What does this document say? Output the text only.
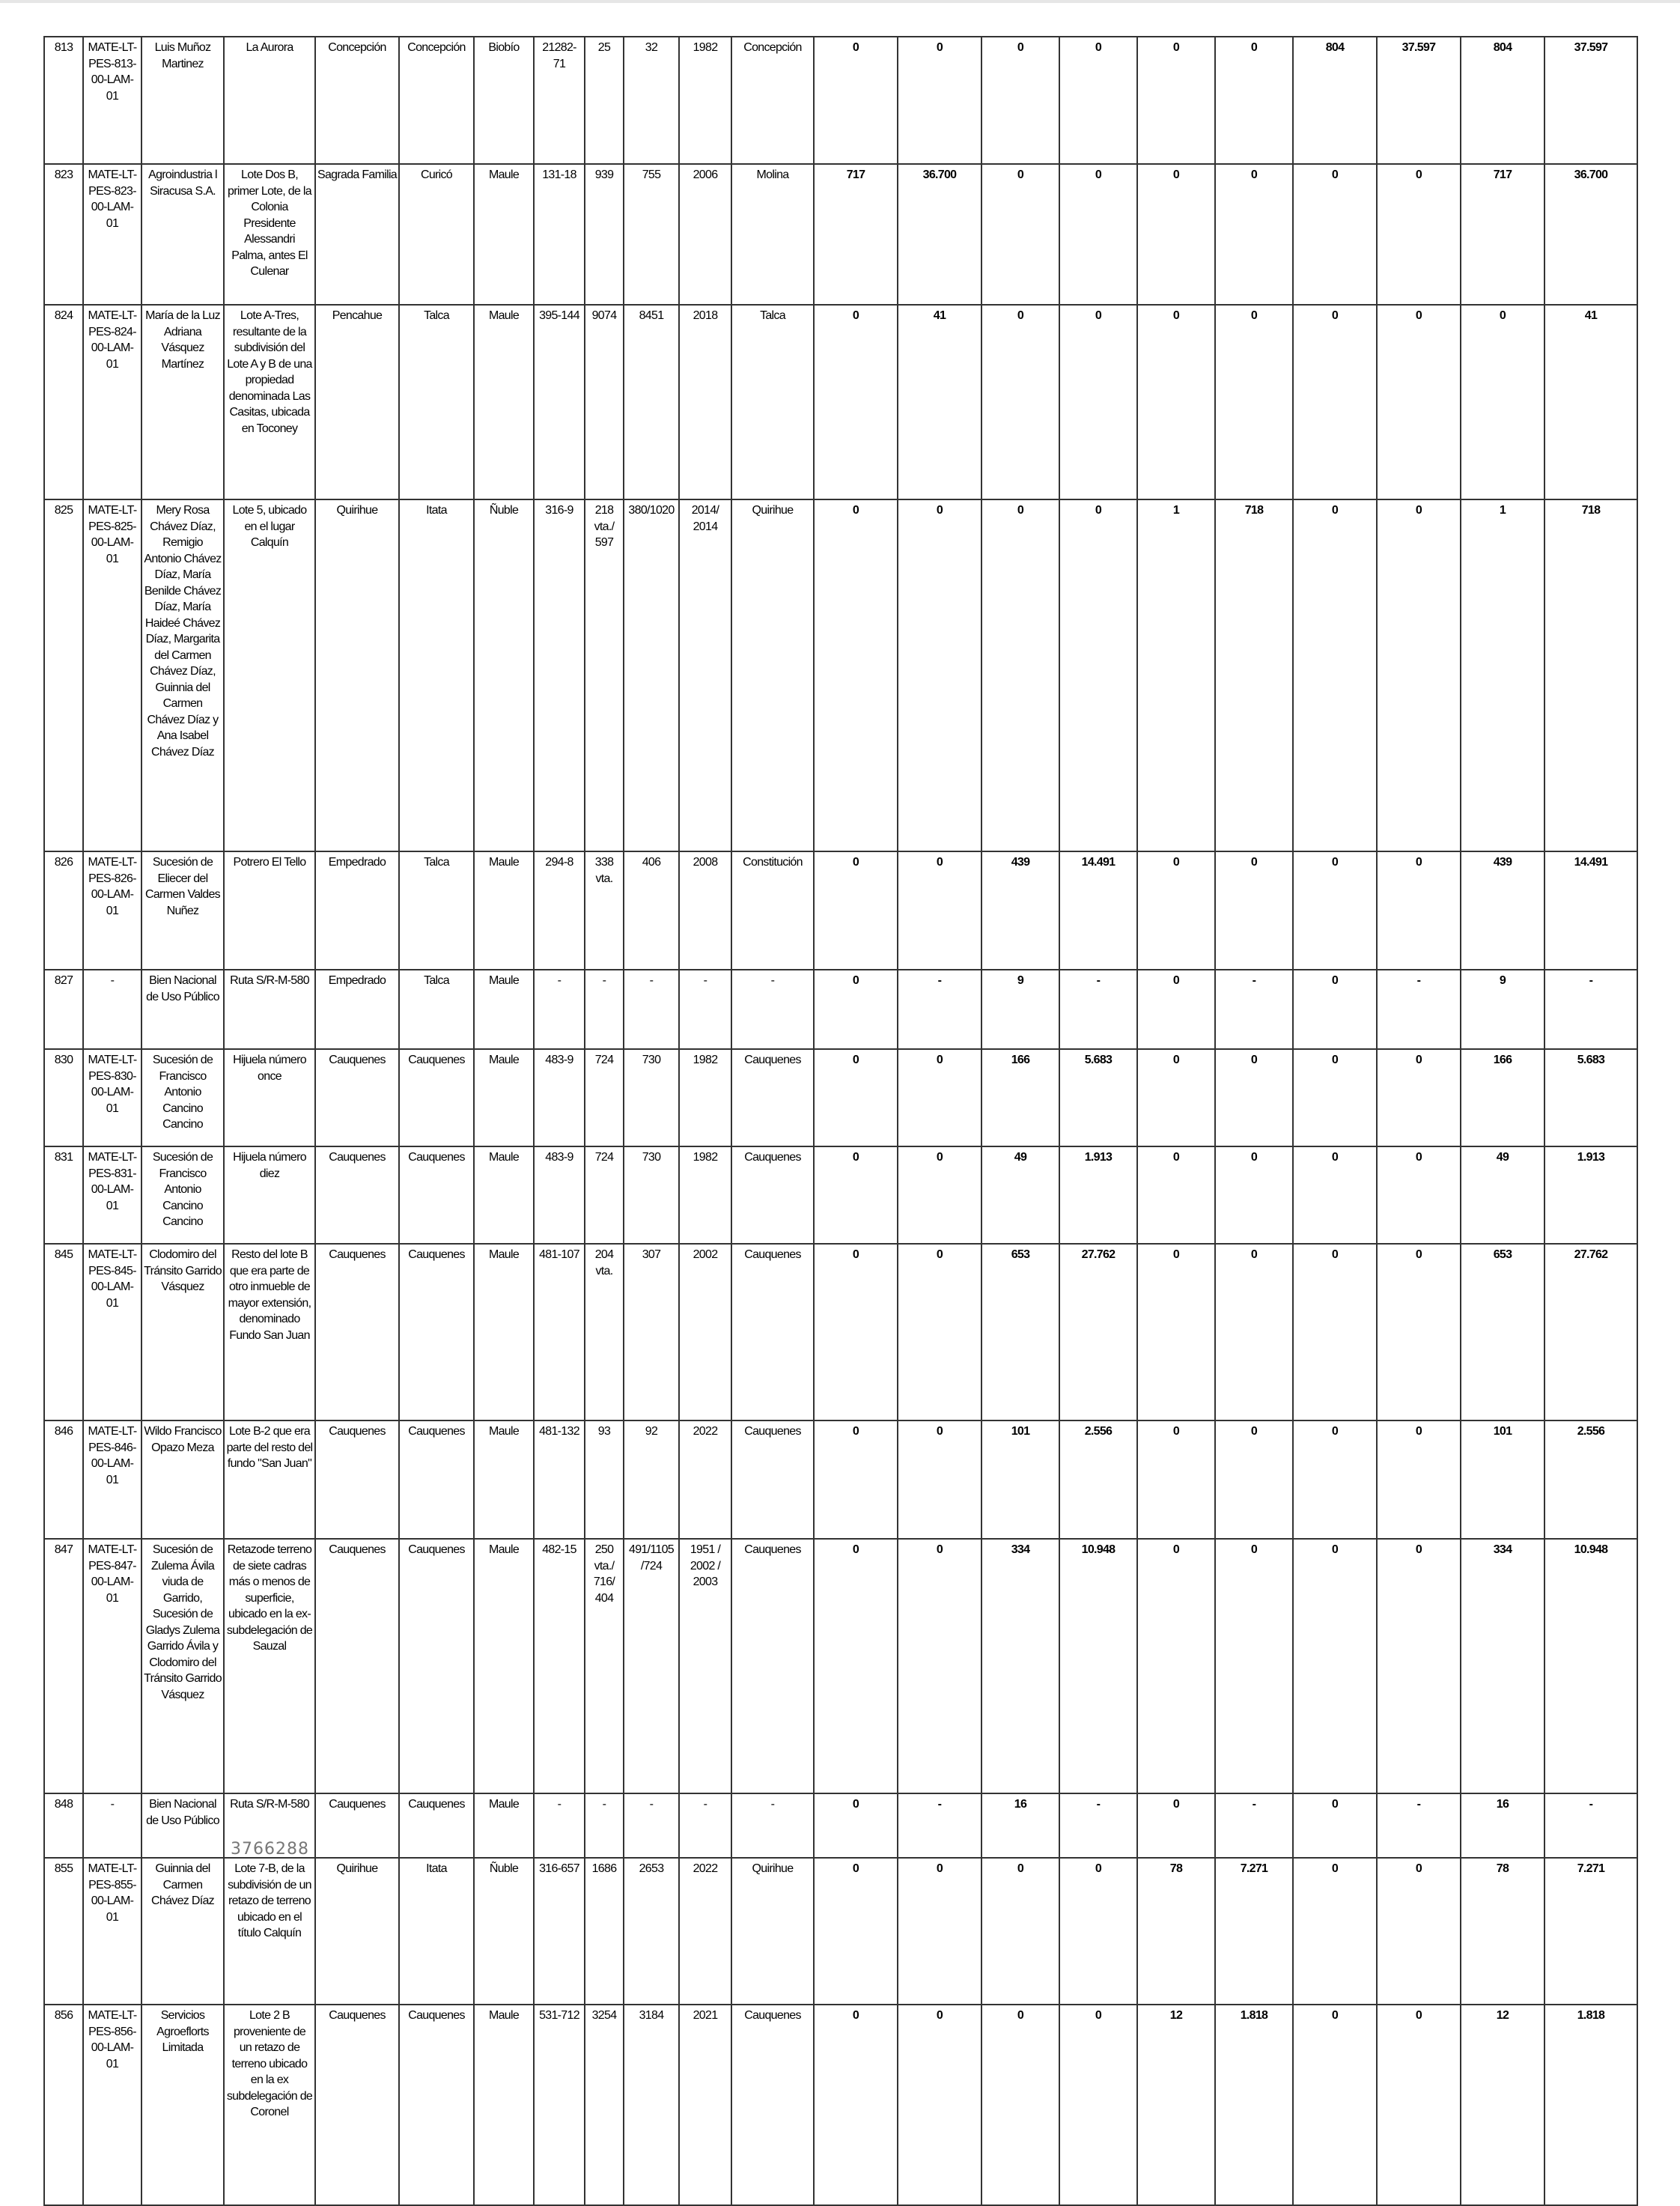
813	MATE-LT-PES-813-00-LAM-01	Luis Muñoz Martinez	La Aurora	Concepción	Concepción	Biobío	21282-71	25	32	1982	Concepción	0	0	0	0	0	0	804	37.597	804	37.597
823	MATE-LT-PES-823-00-LAM-01	Agroindustria l Siracusa S.A.	Lote Dos B, primer Lote, de la Colonia Presidente Alessandri Palma, antes El Culenar	Sagrada Familia	Curicó	Maule	131-18	939	755	2006	Molina	717	36.700	0	0	0	0	0	0	717	36.700
824	MATE-LT-PES-824-00-LAM-01	María de la Luz Adriana Vásquez Martínez	Lote A-Tres, resultante de la subdivisión del Lote A y B de una propiedad denominada Las Casitas, ubicada en Toconey	Pencahue	Talca	Maule	395-144	9074	8451	2018	Talca	0	41	0	0	0	0	0	0	0	41
825	MATE-LT-PES-825-00-LAM-01	Mery Rosa Chávez Díaz, Remigio Antonio Chávez Díaz, María Benilde Chávez Díaz, María Haideé Chávez Díaz, Margarita del Carmen Chávez Díaz, Guinnia del Carmen Chávez Díaz y Ana Isabel Chávez Díaz	Lote 5, ubicado en el lugar Calquín	Quirihue	Itata	Ñuble	316-9	218 vta./ 597	380/1020	2014/ 2014	Quirihue	0	0	0	0	1	718	0	0	1	718
826	MATE-LT-PES-826-00-LAM-01	Sucesión de Eliecer del Carmen Valdes Nuñez	Potrero El Tello	Empedrado	Talca	Maule	294-8	338 vta.	406	2008	Constitución	0	0	439	14.491	0	0	0	0	439	14.491
827	-	Bien Nacional de Uso Público	Ruta S/R-M-580	Empedrado	Talca	Maule	-	-	-	-	-	0	-	9	-	0	-	0	-	9	-
830	MATE-LT-PES-830-00-LAM-01	Sucesión de Francisco Antonio Cancino Cancino	Hijuela número once	Cauquenes	Cauquenes	Maule	483-9	724	730	1982	Cauquenes	0	0	166	5.683	0	0	0	0	166	5.683
831	MATE-LT-PES-831-00-LAM-01	Sucesión de Francisco Antonio Cancino Cancino	Hijuela número diez	Cauquenes	Cauquenes	Maule	483-9	724	730	1982	Cauquenes	0	0	49	1.913	0	0	0	0	49	1.913
845	MATE-LT-PES-845-00-LAM-01	Clodomiro del Tránsito Garrido Vásquez	Resto del lote B que era parte de otro inmueble de mayor extensión, denominado Fundo San Juan	Cauquenes	Cauquenes	Maule	481-107	204 vta.	307	2002	Cauquenes	0	0	653	27.762	0	0	0	0	653	27.762
846	MATE-LT-PES-846-00-LAM-01	Wildo Francisco Opazo Meza	Lote B-2 que era parte del resto del fundo "San Juan"	Cauquenes	Cauquenes	Maule	481-132	93	92	2022	Cauquenes	0	0	101	2.556	0	0	0	0	101	2.556
847	MATE-LT-PES-847-00-LAM-01	Sucesión de Zulema Ávila viuda de Garrido, Sucesión de Gladys Zulema Garrido Ávila y Clodomiro del Tránsito Garrido Vásquez	Retazode terreno de siete cadras más o menos de superficie, ubicado en la ex-subdelegación de Sauzal	Cauquenes	Cauquenes	Maule	482-15	250 vta./ 716/ 404	491/1105 /724	1951 / 2002 / 2003	Cauquenes	0	0	334	10.948	0	0	0	0	334	10.948
848	-	Bien Nacional de Uso Público	Ruta S/R-M-580	Cauquenes	Cauquenes	Maule	-	-	-	-	-	0	-	16	-	0	-	0	-	16	-
855	MATE-LT-PES-855-00-LAM-01	Guinnia del Carmen Chávez Díaz	Lote 7-B, de la subdivisión de un retazo de terreno ubicado en el título Calquín	Quirihue	Itata	Ñuble	316-657	1686	2653	2022	Quirihue	0	0	0	0	78	7.271	0	0	78	7.271
856	MATE-LT-PES-856-00-LAM-01	Servicios Agroeflorts Limitada	Lote 2 B proveniente de un retazo de terreno ubicado en la ex subdelegación de Coronel	Cauquenes	Cauquenes	Maule	531-712	3254	3184	2021	Cauquenes	0	0	0	0	12	1.818	0	0	12	1.818
3766288
